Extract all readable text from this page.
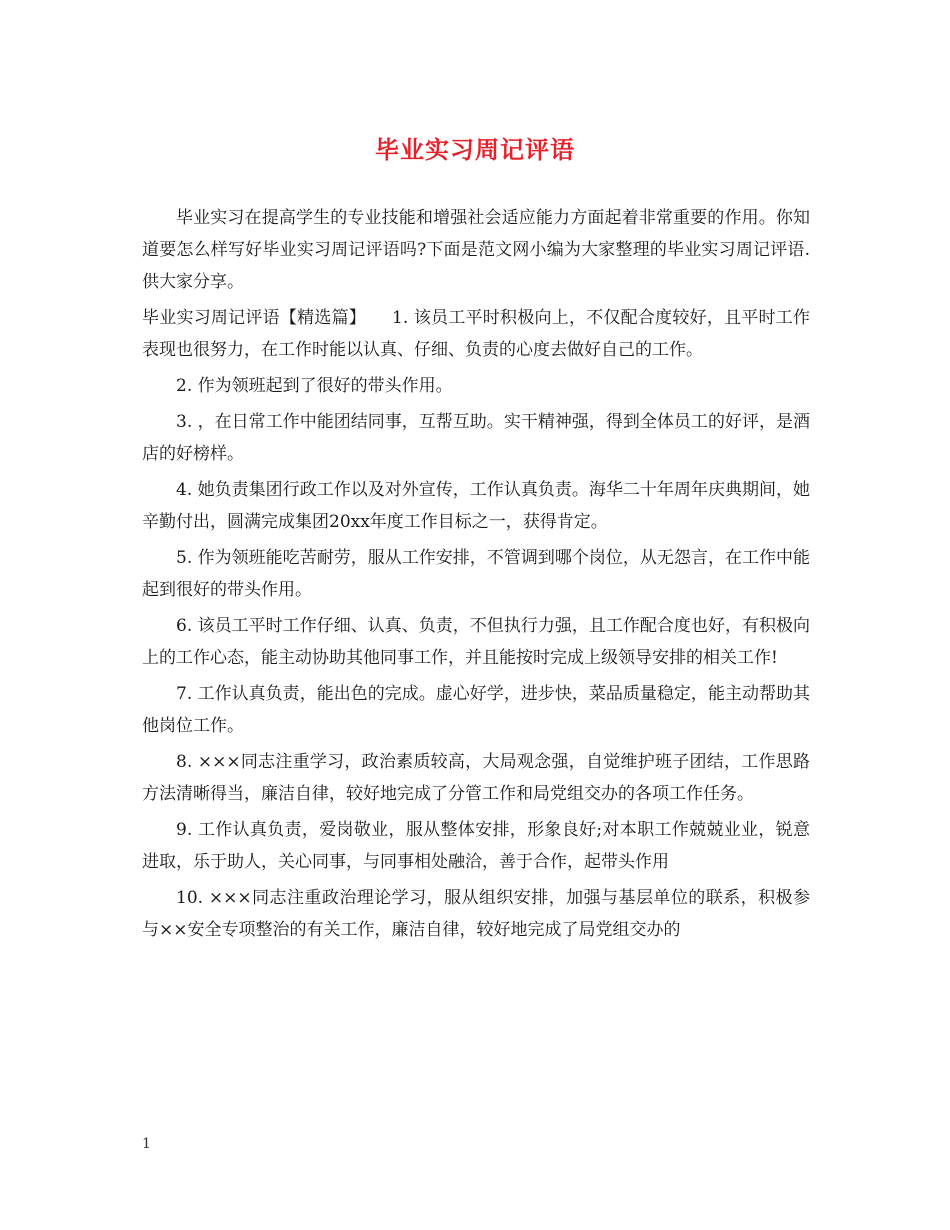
毕业实习周记评语

毕业实习在提高学生的专业技能和增强社会适应能力方面起着非常重要的作用。你知道要怎么样写好毕业实习周记评语吗?下面是范文网小编为大家整理的毕业实习周记评语.供大家分享。

毕业实习周记评语【精选篇】　　1. 该员工平时积极向上，不仅配合度较好，且平时工作表现也很努力，在工作时能以认真、仔细、负责的心度去做好自己的工作。

2. 作为领班起到了很好的带头作用。

3. ，在日常工作中能团结同事，互帮互助。实干精神强，得到全体员工的好评，是酒店的好榜样。

4. 她负责集团行政工作以及对外宣传，工作认真负责。海华二十年周年庆典期间，她辛勤付出，圆满完成集团20xx年度工作目标之一，获得肯定。

5. 作为领班能吃苦耐劳，服从工作安排，不管调到哪个岗位，从无怨言，在工作中能起到很好的带头作用。

6. 该员工平时工作仔细、认真、负责，不但执行力强，且工作配合度也好，有积极向上的工作心态，能主动协助其他同事工作，并且能按时完成上级领导安排的相关工作!

7. 工作认真负责，能出色的完成。虚心好学，进步快，菜品质量稳定，能主动帮助其他岗位工作。

8. ×××同志注重学习，政治素质较高，大局观念强，自觉维护班子团结，工作思路方法清晰得当，廉洁自律，较好地完成了分管工作和局党组交办的各项工作任务。

9. 工作认真负责，爱岗敬业，服从整体安排，形象良好;对本职工作兢兢业业，锐意进取，乐于助人，关心同事，与同事相处融洽，善于合作，起带头作用

10. ×××同志注重政治理论学习，服从组织安排，加强与基层单位的联系，积极参与××安全专项整治的有关工作，廉洁自律，较好地完成了局党组交办的

1
